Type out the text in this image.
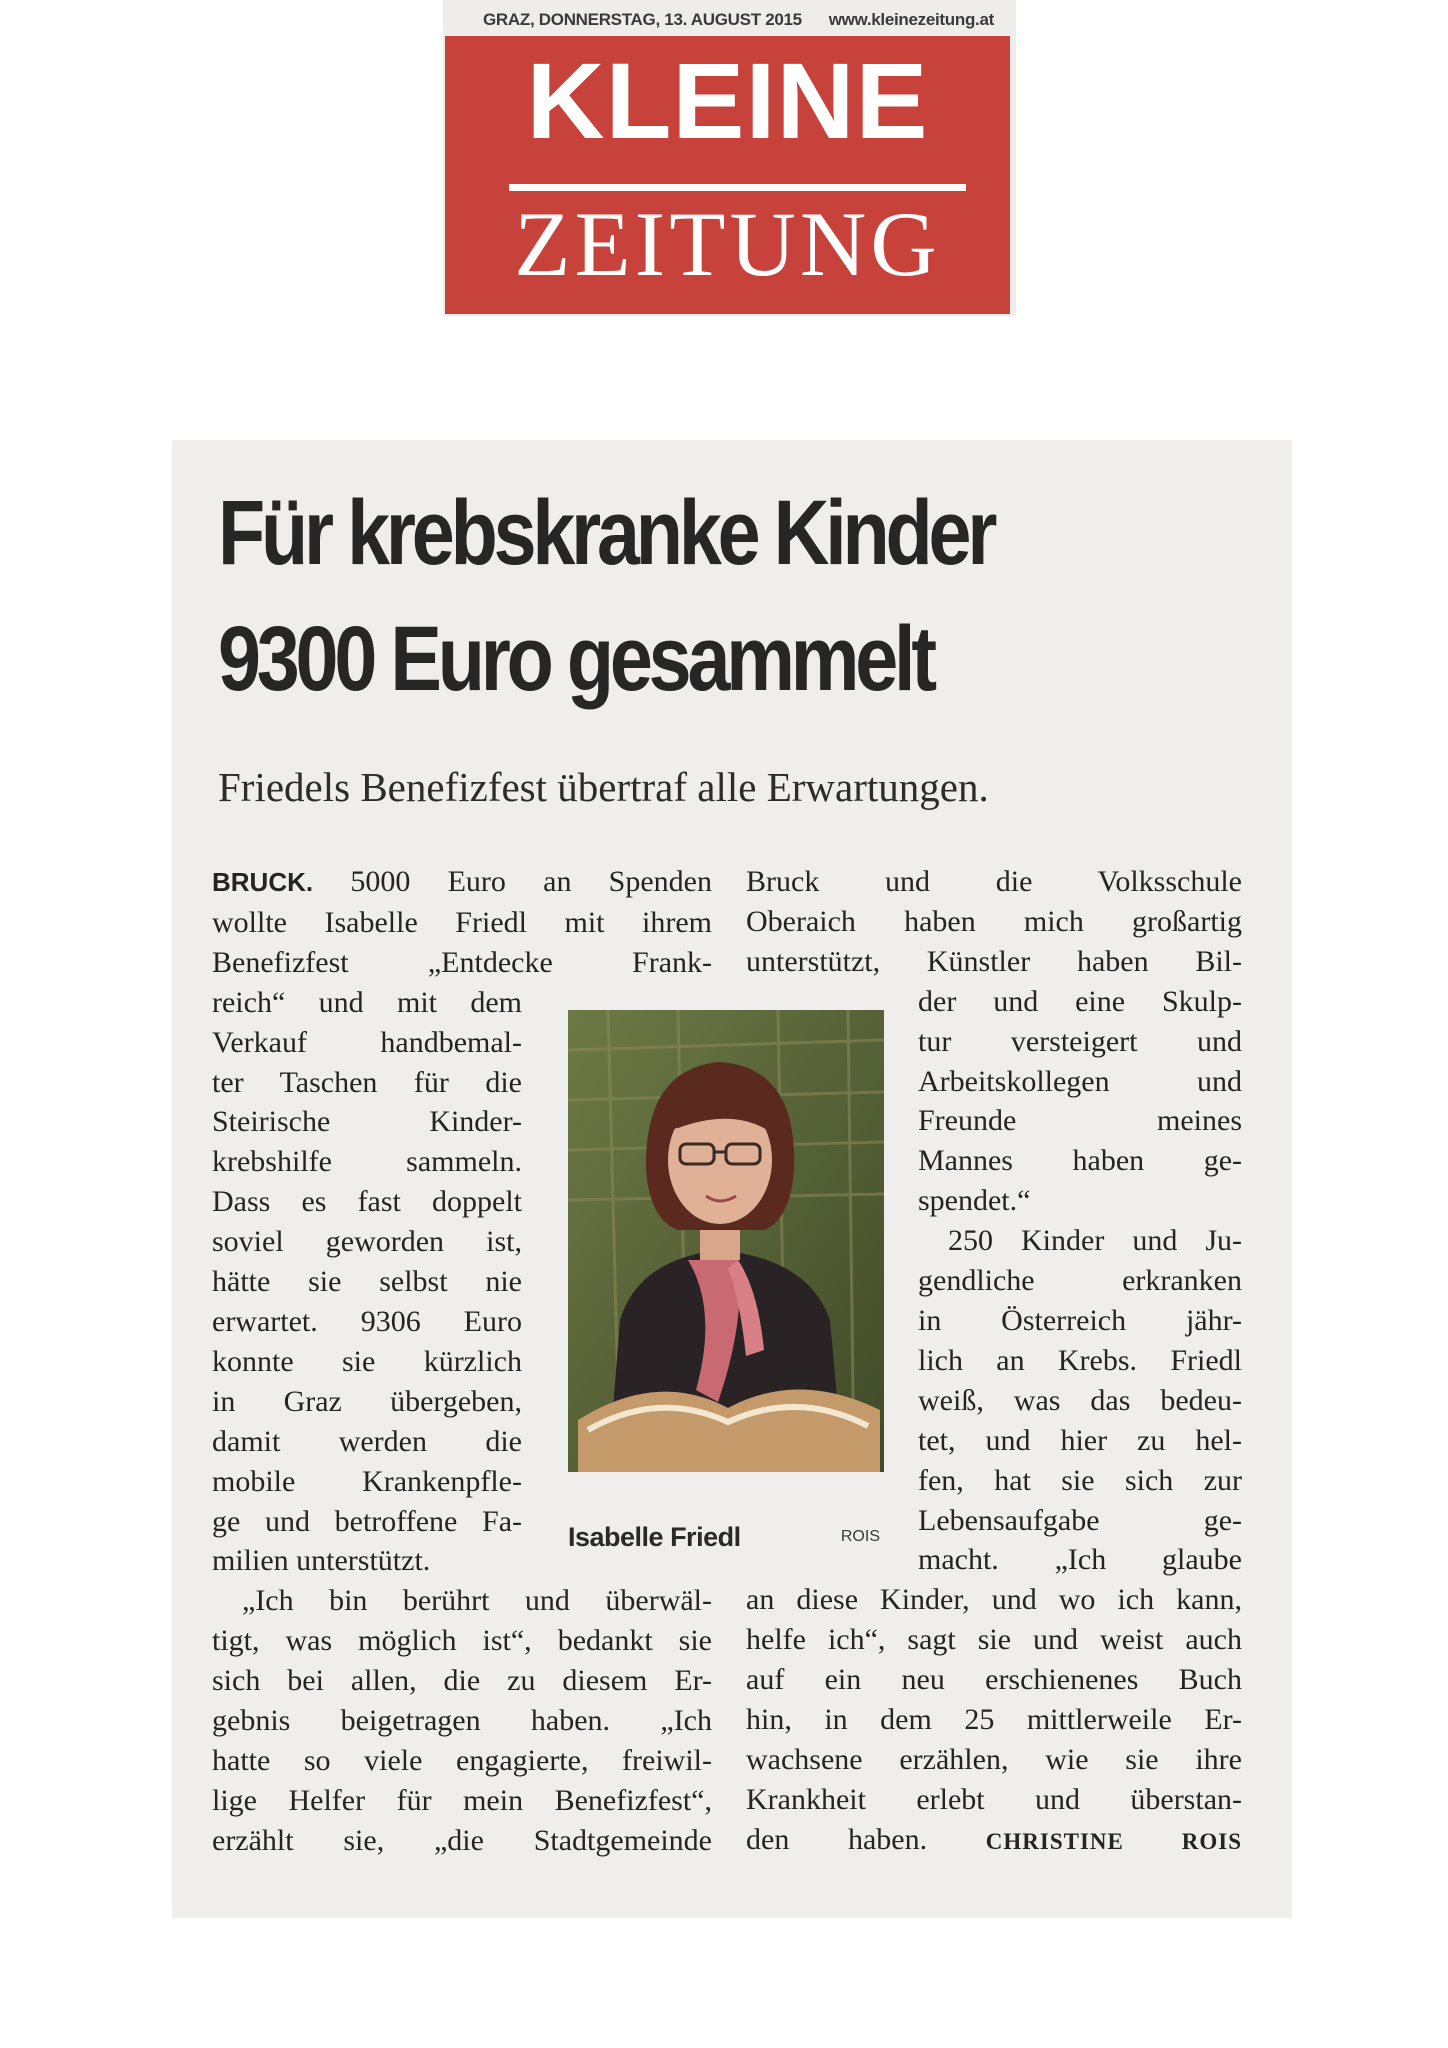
GRAZ, DONNERSTAG, 13. AUGUST 2015 www.kleinezeitung.at
KLEINE
ZEITUNG
Für krebskranke Kinder
9300 Euro gesammelt
Friedels Benefizfest übertraf alle Erwartungen.
BRUCK. 5000 Euro an Spenden
wollte Isabelle Friedl mit ihrem
Benefizfest „Entdecke Frank-
reich“ und mit dem
Verkauf handbemal-
ter Taschen für die
Steirische Kinder-
krebshilfe sammeln.
Dass es fast doppelt
soviel geworden ist,
hätte sie selbst nie
erwartet. 9306 Euro
konnte sie kürzlich
in Graz übergeben,
damit werden die
mobile Krankenpfle-
ge und betroffene Fa-
milien unterstützt.
„Ich bin berührt und überwäl-
tigt, was möglich ist“, bedankt sie
sich bei allen, die zu diesem Er-
gebnis beigetragen haben. „Ich
hatte so viele engagierte, freiwil-
lige Helfer für mein Benefizfest“,
erzählt sie, „die Stadtgemeinde
Isabelle Friedl	ROIS
Bruck und die Volksschule
Oberaich haben mich großartig
unterstützt, Künstler haben Bil-
der und eine Skulp-
tur versteigert und
Arbeitskollegen und
Freunde meines
Mannes haben ge-
spendet.“
250 Kinder und Ju-
gendliche erkranken
in Österreich jähr-
lich an Krebs. Friedl
weiß, was das bedeu-
tet, und hier zu hel-
fen, hat sie sich zur
Lebensaufgabe ge-
macht. „Ich glaube
an diese Kinder, und wo ich kann,
helfe ich“, sagt sie und weist auch
auf ein neu erschienenes Buch
hin, in dem 25 mittlerweile Er-
wachsene erzählen, wie sie ihre
Krankheit erlebt und überstan-
den haben.	CHRISTINE ROIS
